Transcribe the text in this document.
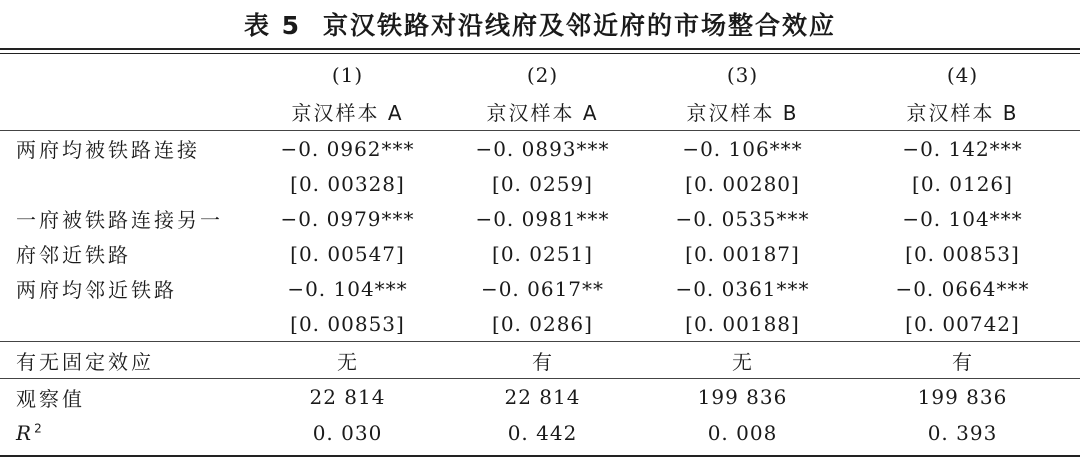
表 5 京汉铁路对沿线府及邻近府的市场整合效应
	(1)	(2)	(3)	(4)
	京汉样本 A	京汉样本 A	京汉样本 B	京汉样本 B
两府均被铁路连接	−0. 0962***	−0. 0893***	−0. 106***	−0. 142***
	[0. 00328]	[0. 0259]	[0. 00280]	[0. 0126]
一府被铁路连接另一	−0. 0979***	−0. 0981***	−0. 0535***	−0. 104***
府邻近铁路	[0. 00547]	[0. 0251]	[0. 00187]	[0. 00853]
两府均邻近铁路	−0. 104***	−0. 0617**	−0. 0361***	−0. 0664***
	[0. 00853]	[0. 0286]	[0. 00188]	[0. 00742]
有无固定效应	无	有	无	有
观察值	22 814	22 814	199 836	199 836
$R^2$	0. 030	0. 442	0. 008	0. 393
